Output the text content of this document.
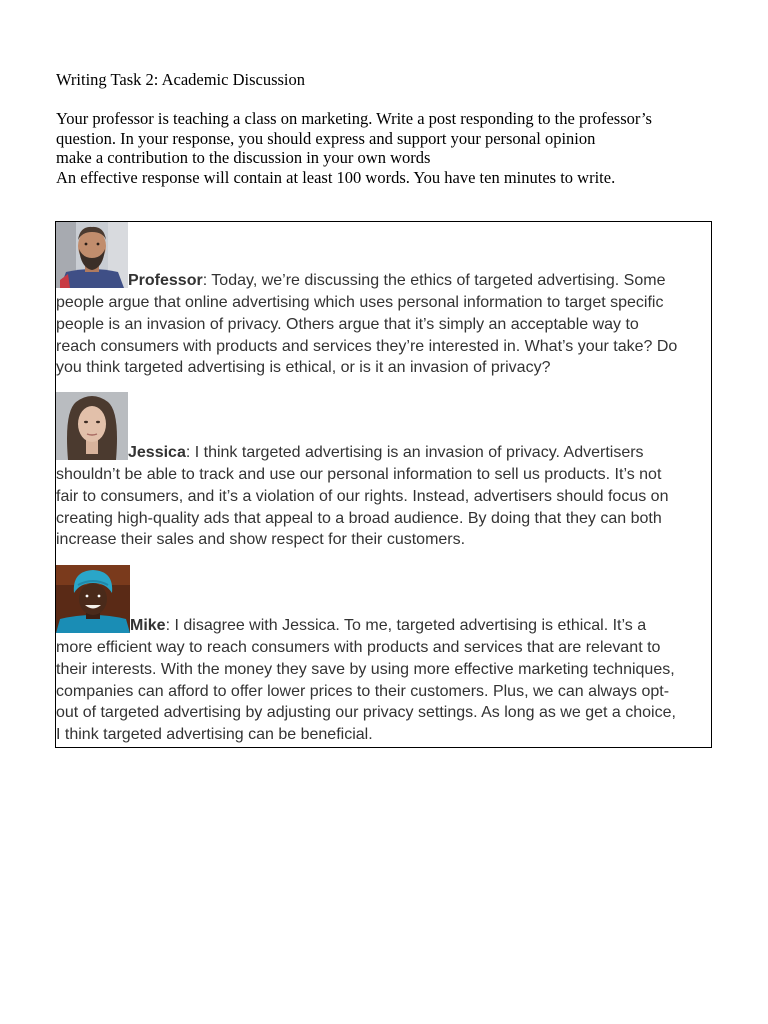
Writing Task 2: Academic Discussion
Your professor is teaching a class on marketing. Write a post responding to the professor’s
question. In your response, you should express and support your personal opinion
make a contribution to the discussion in your own words
An effective response will contain at least 100 words. You have ten minutes to write.
Professor : Today, we’re discussing the ethics of targeted advertising. Some
people argue that online advertising which uses personal information to target specific
people is an invasion of privacy. Others argue that it’s simply an acceptable way to
reach consumers with products and services they’re interested in. What’s your take? Do
you think targeted advertising is ethical, or is it an invasion of privacy?
Jessica : I think targeted advertising is an invasion of privacy. Advertisers
shouldn’t be able to track and use our personal information to sell us products. It’s not
fair to consumers, and it’s a violation of our rights. Instead, advertisers should focus on
creating high-quality ads that appeal to a broad audience. By doing that they can both
increase their sales and show respect for their customers.
Mike : I disagree with Jessica. To me, targeted advertising is ethical. It’s a
more efficient way to reach consumers with products and services that are relevant to
their interests. With the money they save by using more effective marketing techniques,
companies can afford to offer lower prices to their customers. Plus, we can always opt-
out of targeted advertising by adjusting our privacy settings. As long as we get a choice,
I think targeted advertising can be beneficial.
